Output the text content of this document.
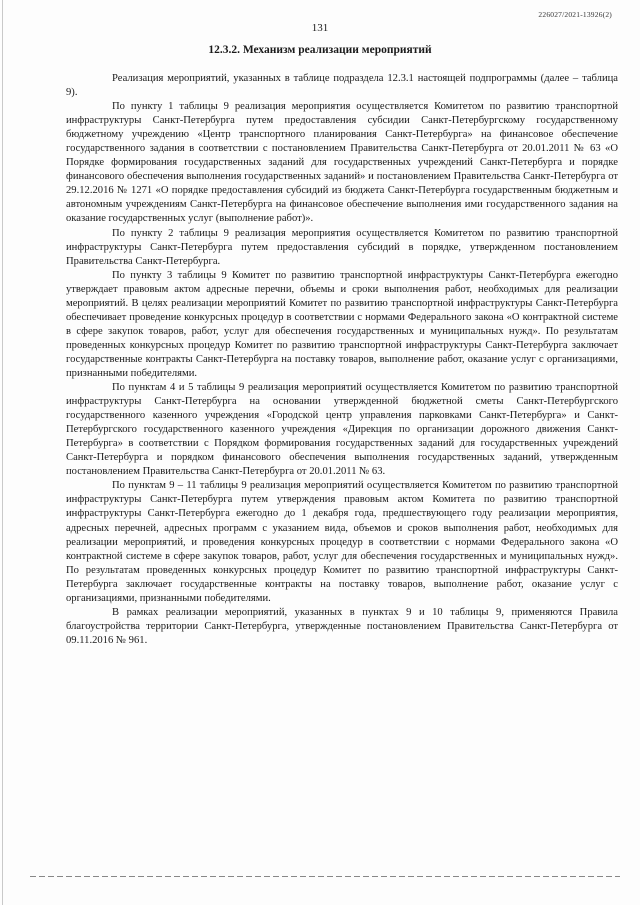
226027/2021-13926(2)
131
12.3.2. Механизм реализации мероприятий

Реализация мероприятий, указанных в таблице подраздела 12.3.1 настоящей подпрограммы (далее – таблица 9).

По пункту 1 таблицы 9 реализация мероприятия осуществляется Комитетом по развитию транспортной инфраструктуры Санкт-Петербурга путем предоставления субсидии Санкт-Петербургскому государственному бюджетному учреждению «Центр транспортного планирования Санкт-Петербурга» на финансовое обеспечение государственного задания в соответствии с постановлением Правительства Санкт-Петербурга от 20.01.2011 № 63 «О Порядке формирования государственных заданий для государственных учреждений Санкт-Петербурга и порядке финансового обеспечения выполнения государственных заданий» и постановлением Правительства Санкт-Петербурга от 29.12.2016 № 1271 «О порядке предоставления субсидий из бюджета Санкт-Петербурга государственным бюджетным и автономным учреждениям Санкт-Петербурга на финансовое обеспечение выполнения ими государственного задания на оказание государственных услуг (выполнение работ)».

По пункту 2 таблицы 9 реализация мероприятия осуществляется Комитетом по развитию транспортной инфраструктуры Санкт-Петербурга путем предоставления субсидий в порядке, утвержденном постановлением Правительства Санкт-Петербурга.

По пункту 3 таблицы 9 Комитет по развитию транспортной инфраструктуры Санкт-Петербурга ежегодно утверждает правовым актом адресные перечни, объемы и сроки выполнения работ, необходимых для реализации мероприятий. В целях реализации мероприятий Комитет по развитию транспортной инфраструктуры Санкт-Петербурга обеспечивает проведение конкурсных процедур в соответствии с нормами Федерального закона «О контрактной системе в сфере закупок товаров, работ, услуг для обеспечения государственных и муниципальных нужд». По результатам проведенных конкурсных процедур Комитет по развитию транспортной инфраструктуры Санкт-Петербурга заключает государственные контракты Санкт-Петербурга на поставку товаров, выполнение работ, оказание услуг с организациями, признанными победителями.

По пунктам 4 и 5 таблицы 9 реализация мероприятий осуществляется Комитетом по развитию транспортной инфраструктуры Санкт-Петербурга на основании утвержденной бюджетной сметы Санкт-Петербургского государственного казенного учреждения «Городской центр управления парковками Санкт-Петербурга» и Санкт-Петербургского государственного казенного учреждения «Дирекция по организации дорожного движения Санкт-Петербурга» в соответствии с Порядком формирования государственных заданий для государственных учреждений Санкт-Петербурга и порядком финансового обеспечения выполнения государственных заданий, утвержденным постановлением Правительства Санкт-Петербурга от 20.01.2011 № 63.

По пунктам 9 – 11 таблицы 9 реализация мероприятий осуществляется Комитетом по развитию транспортной инфраструктуры Санкт-Петербурга путем утверждения правовым актом Комитета по развитию транспортной инфраструктуры Санкт-Петербурга ежегодно до 1 декабря года, предшествующего году реализации мероприятия, адресных перечней, адресных программ с указанием вида, объемов и сроков выполнения работ, необходимых для реализации мероприятий, и проведения конкурсных процедур в соответствии с нормами Федерального закона «О контрактной системе в сфере закупок товаров, работ, услуг для обеспечения государственных и муниципальных нужд». По результатам проведенных конкурсных процедур Комитет по развитию транспортной инфраструктуры Санкт-Петербурга заключает государственные контракты на поставку товаров, выполнение работ, оказание услуг с организациями, признанными победителями.

В рамках реализации мероприятий, указанных в пунктах 9 и 10 таблицы 9, применяются Правила благоустройства территории Санкт-Петербурга, утвержденные постановлением Правительства Санкт-Петербурга от 09.11.2016 № 961.
